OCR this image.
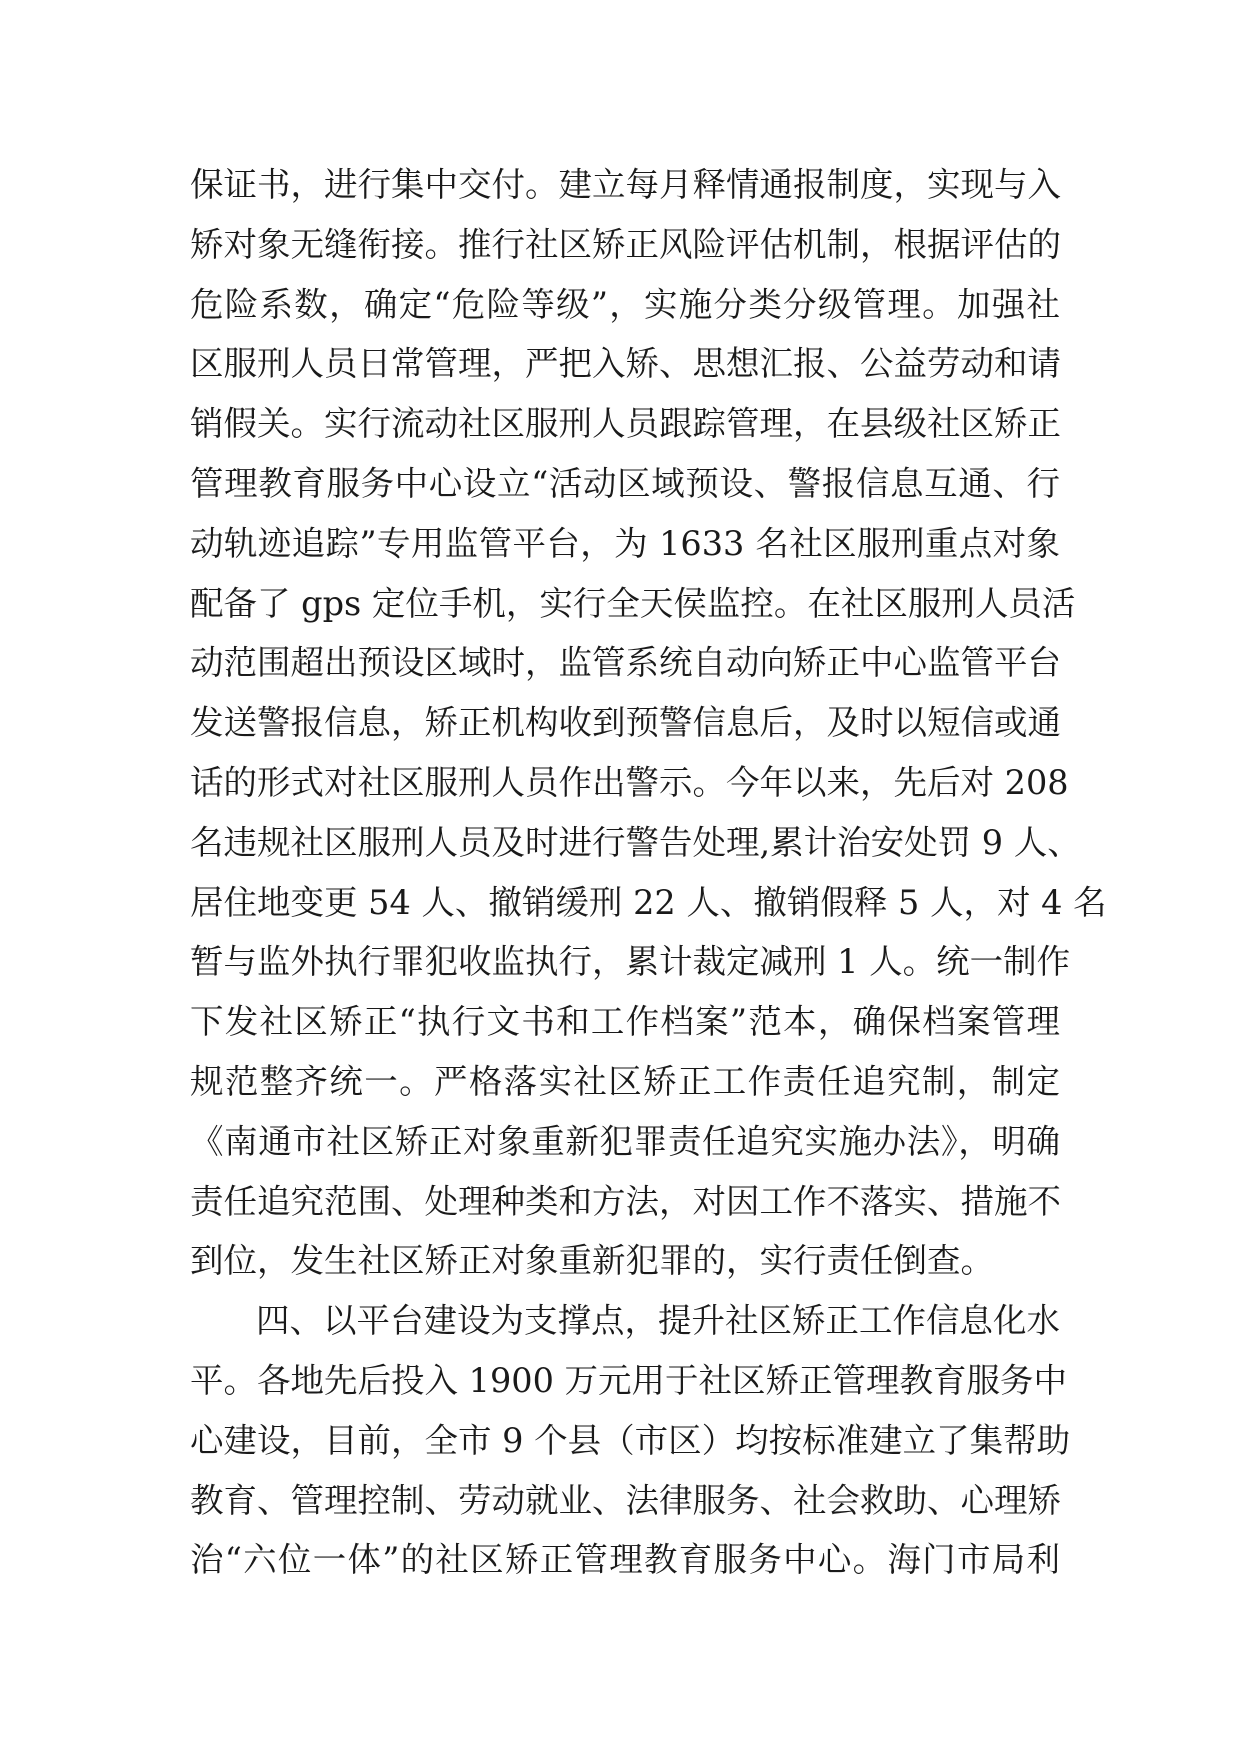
保证书，进行集中交付。建立每月释情通报制度，实现与入
矫对象无缝衔接。推行社区矫正风险评估机制，根据评估的
危险系数，确定“危险等级”，实施分类分级管理。加强社
区服刑人员日常管理，严把入矫、思想汇报、公益劳动和请
销假关。实行流动社区服刑人员跟踪管理，在县级社区矫正
管理教育服务中心设立“活动区域预设、警报信息互通、行
动轨迹追踪”专用监管平台，为 1633 名社区服刑重点对象
配备了 gps 定位手机，实行全天侯监控。在社区服刑人员活
动范围超出预设区域时，监管系统自动向矫正中心监管平台
发送警报信息，矫正机构收到预警信息后，及时以短信或通
话的形式对社区服刑人员作出警示。今年以来，先后对 208
名违规社区服刑人员及时进行警告处理,累计治安处罚 9 人、
居住地变更 54 人、撤销缓刑 22 人、撤销假释 5 人，对 4 名
暂与监外执行罪犯收监执行，累计裁定减刑 1 人。统一制作
下发社区矫正“执行文书和工作档案”范本，确保档案管理
规范整齐统一。严格落实社区矫正工作责任追究制，制定
《南通市社区矫正对象重新犯罪责任追究实施办法》，明确
责任追究范围、处理种类和方法，对因工作不落实、措施不
到位，发生社区矫正对象重新犯罪的，实行责任倒查。
四、以平台建设为支撑点，提升社区矫正工作信息化水
平。各地先后投入 1900 万元用于社区矫正管理教育服务中
心建设，目前，全市 9 个县（市区）均按标准建立了集帮助
教育、管理控制、劳动就业、法律服务、社会救助、心理矫
治“六位一体”的社区矫正管理教育服务中心。海门市局利
